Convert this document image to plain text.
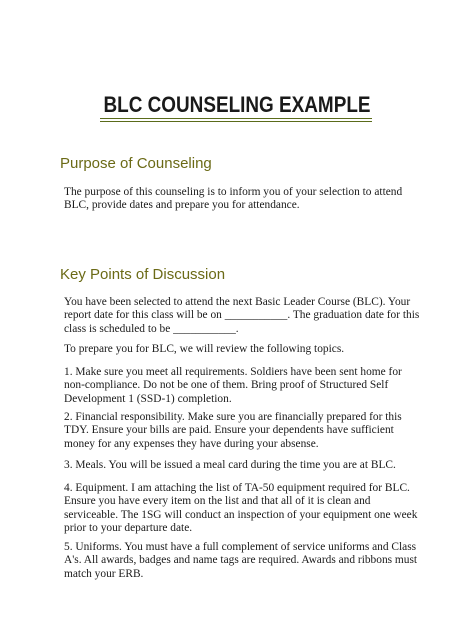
BLC COUNSELING EXAMPLE
Purpose of Counseling

The purpose of this counseling is to inform you of your selection to attend BLC, provide dates and prepare you for attendance.

Key Points of Discussion

You have been selected to attend the next Basic Leader Course (BLC). Your report date for this class will be on ___________. The graduation date for this class is scheduled to be ___________.

To prepare you for BLC, we will review the following topics.

1. Make sure you meet all requirements. Soldiers have been sent home for non-compliance. Do not be one of them. Bring proof of Structured Self Development 1 (SSD-1) completion.

2. Financial responsibility. Make sure you are financially prepared for this TDY. Ensure your bills are paid. Ensure your dependents have sufficient money for any expenses they have during your absense.

3. Meals. You will be issued a meal card during the time you are at BLC.

4. Equipment. I am attaching the list of TA-50 equipment required for BLC. Ensure you have every item on the list and that all of it is clean and serviceable. The 1SG will conduct an inspection of your equipment one week prior to your departure date.

5. Uniforms. You must have a full complement of service uniforms and Class A's. All awards, badges and name tags are required. Awards and ribbons must match your ERB.
